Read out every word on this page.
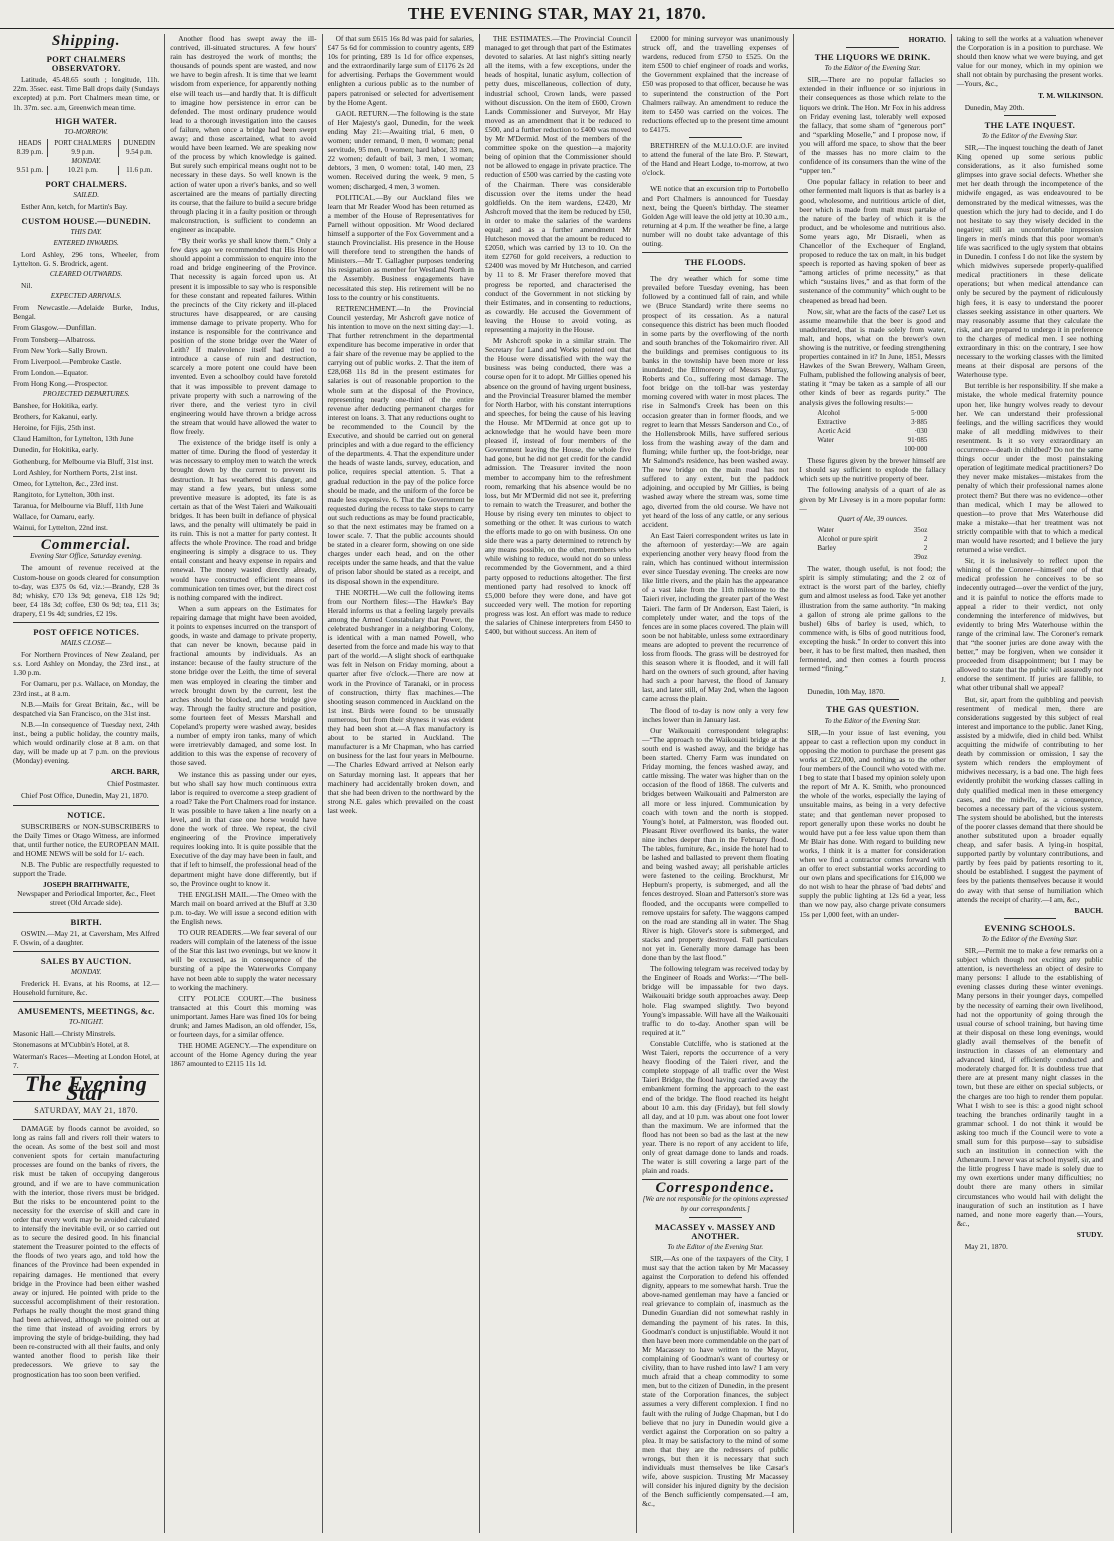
THE EVENING STAR, MAY 21, 1870.
Shipping.
PORT CHALMERS OBSERVATORY.

Latitude, 45.48.65 south ; longitude, 11h. 22m. 35sec. east. Time Ball drops daily (Sundays excepted) at p.m. Port Chalmers mean time, or 1h. 37m. sec. a.m, Greenwich mean time.

HIGH WATER.
TO-MORROW.
HEADS	PORT CHALMERS	DUNEDIN
8.39 p.m.	9.9 p.m.	9.54 p.m.
MONDAY.		
9.51 p.m.	10.21 p.m.	11.6 p.m.
PORT CHALMERS.
SAILED.

Esther Ann, ketch, for Martin's Bay.

CUSTOM HOUSE.—DUNEDIN.
THIS DAY.
ENTERED INWARDS.

Lord Ashley, 296 tons, Wheeler, from Lyttelton. G. S. Brodrick, agent.

CLEARED OUTWARDS.

Nil.

EXPECTED ARRIVALS.

From Newcastle.—Adelaide Burke, Indus, Bengal.

From Glasgow.—Dunfillan.

From Tonsberg—Albatross.

From New York—Sally Brown.

From Liverpool.—Pembroke Castle.

From London.—Equator.

From Hong Kong.—Prospector.

PROJECTED DEPARTURES.

Banshee, for Hokitika, early.

Brothers, for Kakanui, early.

Heroine, for Fijis, 25th inst.

Claud Hamilton, for Lyttelton, 13th June

Dunedin, for Hokitika, early.

Gothenburg, for Melbourne via Bluff, 31st inst.

Lord Ashley, for Northern Ports, 21st inst.

Omeo, for Lyttelton, &c., 23rd inst.

Rangitoto, for Lyttelton, 30th inst.

Taranua, for Melbourne via Bluff, 11th June

Wallace, for Oamaru, early.

Wainui, for Lyttelton, 22nd inst.

Commercial.
Evening Star Office, Saturday evening.

The amount of revenue received at the Custom-house on goods cleared for consumption to-day, was £375 0s 6d, viz.:—Brandy, £28 3s 8d; whisky, £70 13s 9d; geneva, £18 12s 9d; beer, £4 18s 3d; coffee, £30 0s 9d; tea, £11 3s; drapery, £1 9s 4d; sundries, £2 19s.

POST OFFICE NOTICES.
MAILS CLOSE—

For Northern Provinces of New Zealand, per s.s. Lord Ashley on Monday, the 23rd inst., at 1.30 p.m.

For Oamaru, per p.s. Wallace, on Monday, the 23rd inst., at 8 a.m.

N.B.—Mails for Great Britain, &c., will be despatched via San Francisco, on the 31st inst.

N.B.—In consequence of Tuesday next, 24th inst., being a public holiday, the country mails, which would ordinarily close at 8 a.m. on that day, will be made up at 7 p.m. on the previous (Monday) evening.

ARCH. BARR,
Chief Postmaster.

Chief Post Office, Dunedin, May 21, 1870.

NOTICE.

SUBSCRIBERS or NON-SUBSCRIBERS to the Daily Times or Otago Witness, are informed that, until further notice, the EUROPEAN MAIL and HOME NEWS will be sold for 1/- each.

N.B. The Public are respectfully requested to support the Trade.

JOSEPH BRAITHWAITE,
Newspaper and Periodical Importer, &c., Fleet street (Old Arcade side).
BIRTH.

OSWIN.—May 21, at Caversham, Mrs Alfred F. Oswin, of a daughter.

SALES BY AUCTION.
MONDAY.

Frederick H. Evans, at his Rooms, at 12.—Household furniture, &c.

AMUSEMENTS, MEETINGS, &c.
TO-NIGHT.

Masonic Hall.—Christy Minstrels.

Stonemasons at M'Cubbin's Hotel, at 8.

Waterman's Races—Meeting at London Hotel, at 7.

The Evening Star
SATURDAY, MAY 21, 1870.

DAMAGE by floods cannot be avoided, so long as rains fall and rivers roll their waters to the ocean. As some of the best soil and most convenient spots for certain manufacturing processes are found on the banks of rivers, the risk must be taken of occupying dangerous ground, and if we are to have communication with the interior, those rivers must be bridged. But the risks to be encountered point to the necessity for the exercise of skill and care in order that every work may be avoided calculated to intensify the inevitable evil, or so carried out as to secure the desired good. In his financial statement the Treasurer pointed to the effects of the floods of two years ago, and told how the finances of the Province had been expended in repairing damages. He mentioned that every bridge in the Province had been either washed away or injured. He pointed with pride to the successful accomplishment of their restoration. Perhaps he really thought the most grand thing had been achieved, although we pointed out at the time that instead of avoiding errors by improving the style of bridge-building, they had been re-constructed with all their faults, and only wanted another flood to perish like their predecessors. We grieve to say the prognostication has too soon been verified.

Another flood has swept away the ill-contrived, ill-situated structures. A few hours' rain has destroyed the work of months; the thousands of pounds spent are wasted, and now we have to begin afresh. It is time that we learnt wisdom from experience, for apparently nothing else will teach us—and hardly that. It is difficult to imagine how persistence in error can be defended. The most ordinary prudence would lead to a thorough investigation into the causes of failure, when once a bridge had been swept away; and those ascertained, what to avoid would have been learned. We are speaking now of the process by which knowledge is gained. But surely such empirical means ought not to be necessary in these days. So well known is the action of water upon a river's banks, and so well ascertained are the means of partially directing its course, that the failure to build a secure bridge through placing it in a faulty position or through malconstruction, is sufficient to condemn an engineer as incapable.

“By their works ye shall know them.” Only a few days ago we recommended that His Honor should appoint a commission to enquire into the road and bridge engineering of the Province. That necessity is again forced upon us. At present it is impossible to say who is responsible for these constant and repeated failures. Within the precincts of the City rickety and ill-placed structures have disappeared, or are causing immense damage to private property. Who for instance is responsible for the contrivance and position of the stone bridge over the Water of Leith? If malevolence itself had tried to introduce a cause of ruin and destruction, scarcely a more potent one could have been invented. Even a schoolboy could have foretold that it was impossible to prevent damage to private property with such a narrowing of the river there, and the veriest tyro in civil engineering would have thrown a bridge across the stream that would have allowed the water to flow freely.

The existence of the bridge itself is only a matter of time. During the flood of yesterday it was necessary to employ men to watch the wreck brought down by the current to prevent its destruction. It has weathered this danger, and may stand a few years, but unless some preventive measure is adopted, its fate is as certain as that of the West Taieri and Waikouaiti bridges. It has been built in defiance of physical laws, and the penalty will ultimately be paid in its ruin. This is not a matter for party contest. It affects the whole Province. The road and bridge engineering is simply a disgrace to us. They entail constant and heavy expense in repairs and renewal. The money wasted directly already, would have constructed efficient means of communication ten times over, but the direct cost is nothing compared with the indirect.

When a sum appears on the Estimates for repairing damage that might have been avoided, it points to expenses incurred on the transport of goods, in waste and damage to private property, that can never be known, because paid in fractional amounts by individuals. As an instance: because of the faulty structure of the stone bridge over the Leith, the time of several men was employed in clearing the timber and wreck brought down by the current, lest the arches should be blocked, and the bridge give way. Through the faulty structure and position, some fourteen feet of Messrs Marshall and Copeland's property were washed away, besides a number of empty iron tanks, many of which were irretrievably damaged, and some lost. In addition to this was the expense of recovery of those saved.

We instance this as passing under our eyes, but who shall say how much continuous extra labor is required to overcome a steep gradient of a road? Take the Port Chalmers road for instance. It was possible to have taken a line nearly on a level, and in that case one horse would have done the work of three. We repeat, the civil engineering of the Province imperatively requires looking into. It is quite possible that the Executive of the day may have been in fault, and that if left to himself, the professional head of the department might have done differently, but if so, the Province ought to know it.

THE ENGLISH MAIL.—The Omeo with the March mail on board arrived at the Bluff at 3.30 p.m. to-day. We will issue a second edition with the English news.

TO OUR READERS.—We fear several of our readers will complain of the lateness of the issue of the Star this last two evenings, but we know it will be excused, as in consequence of the bursting of a pipe the Waterworks Company have not been able to supply the water necessary to working the machinery.

CITY POLICE COURT.—The business transacted at this Court this morning was unimportant. James Hare was fined 10s for being drunk; and James Madison, an old offender, 15s, or fourteen days, for a similar offence.

THE HOME AGENCY.—The expenditure on account of the Home Agency during the year 1867 amounted to £2115 11s 1d.

Of that sum £615 16s 8d was paid for salaries, £47 5s 6d for commission to country agents, £89 10s for printing, £89 1s 1d for office expenses, and the extraordinarily large sum of £1176 2s 2d for advertising. Perhaps the Government would enlighten a curious public as to the number of papers patronised or selected for advertisement by the Home Agent.

GAOL RETURN.—The following is the state of Her Majesty's gaol, Dunedin, for the week ending May 21:—Awaiting trial, 6 men, 0 women; under remand, 0 men, 0 woman; penal servitude, 95 men, 0 women; hard labor, 33 men, 22 women; default of bail, 3 men, 1 woman; debtors, 3 men, 0 women: total, 140 men, 23 women. Received during the week, 9 men, 5 women; discharged, 4 men, 3 women.

POLITICAL.—By our Auckland files we learn that Mr Reader Wood has been returned as a member of the House of Representatives for Parnell without opposition. Mr Wood declared himself a supporter of the Fox Government and a staunch Provincialist. His presence in the House will therefore tend to strengthen the hands of Ministers.—Mr T. Gallagher purposes tendering his resignation as member for Westland North in the Assembly. Business engagements have necessitated this step. His retirement will be no loss to the country or his constituents.

RETRENCHMENT.—In the Provincial Council yesterday, Mr Ashcroft gave notice of his intention to move on the next sitting day:—1. That further retrenchment in the departmental expenditure has become imperative in order that a fair share of the revenue may be applied to the carrying out of public works. 2. That the item of £28,068 11s 8d in the present estimates for salaries is out of reasonable proportion to the whole sum at the disposal of the Province, representing nearly one-third of the entire revenue after deducting permanent charges for interest on loans. 3. That any reductions ought to be recommended to the Council by the Executive, and should be carried out on general principles and with a due regard to the efficiency of the departments. 4. That the expenditure under the heads of waste lands, survey, education, and police, requires special attention. 5. That a gradual reduction in the pay of the police force should be made, and the uniform of the force be made less expensive. 6. That the Government be requested during the recess to take steps to carry out such reductions as may be found practicable, so that the next estimates may be framed on a lower scale. 7. That the public accounts should be stated in a clearer form, showing on one side charges under each head, and on the other receipts under the same heads, and that the value of prison labor should be stated as a receipt, and its disposal shown in the expenditure.

THE NORTH.—We cull the following items from our Northern files:—The Hawke's Bay Herald informs us that a feeling largely prevails among the Armed Constabulary that Power, the celebrated bushranger in a neighboring Colony, is identical with a man named Powell, who deserted from the force and made his way to that part of the world.—A slight shock of earthquake was felt in Nelson on Friday morning, about a quarter after five o'clock.—There are now at work in the Province of Taranaki, or in process of construction, thirty flax machines.—The shooting season commenced in Auckland on the 1st inst. Birds were found to be unusually numerous, but from their shyness it was evident they had been shot at.—A flax manufactory is about to be started in Auckland. The manufacturer is a Mr Chapman, who has carried on business for the last four years in Melbourne.—The Charles Edward arrived at Nelson early on Saturday morning last. It appears that her machinery had accidentally broken down, and that she had been driven to the northward by the strong N.E. gales which prevailed on the coast last week.

THE ESTIMATES.—The Provincial Council managed to get through that part of the Estimates devoted to salaries. At last night's sitting nearly all the items, with a few exceptions, under the heads of hospital, lunatic asylum, collection of petty dues, miscellaneous, collection of duty, industrial school, Crown lands, were passed without discussion. On the item of £600, Crown Lands Commissioner and Surveyor, Mr Hay moved as an amendment that it be reduced to £500, and a further reduction to £400 was moved by Mr M'Dermid. Most of the members of the committee spoke on the question—a majority being of opinion that the Commissioner should not be allowed to engage in private practice. The reduction of £500 was carried by the casting vote of the Chairman. There was considerable discussion over the items under the head goldfields. On the item wardens, £2420, Mr Ashcroft moved that the item be reduced by £50, in order to make the salaries of the wardens equal; and as a further amendment Mr Hutcheson moved that the amount be reduced to £2050, which was carried by 13 to 10. On the item £2760 for gold receivers, a reduction to £2400 was moved by Mr Hutcheson, and carried by 11 to 8. Mr Fraser therefore moved that progress be reported, and characterised the conduct of the Government in not sticking by their Estimates, and in consenting to reductions, as cowardly. He accused the Government of leaving the House to avoid voting, as representing a majority in the House.

Mr Ashcroft spoke in a similar strain. The Secretary for Land and Works pointed out that the House were dissatisfied with the way the business was being conducted, there was a course open for it to adopt. Mr Gillies opened his absence on the ground of having urgent business, and the Provincial Treasurer blamed the member for North Harbor, with his constant interruptions and speeches, for being the cause of his leaving the House. Mr M'Dermid at once got up to acknowledge that he would have been more pleased if, instead of four members of the Government leaving the House, the whole five had gone, but he did not get credit for the candid admission. The Treasurer invited the noon member to accompany him to the refreshment room, remarking that his absence would be no loss, but Mr M'Dermid did not see it, preferring to remain to watch the Treasurer, and bother the House by rising every ten minutes to object to something or the other. It was curious to watch the efforts made to go on with business. On one side there was a party determined to retrench by any means possible, on the other, members who while wishing to reduce, would not do so unless recommended by the Government, and a third party opposed to reductions altogether. The first mentioned party had resolved to knock off £5,000 before they were done, and have got succeeded very well. The motion for reporting progress was lost. An effort was made to reduce the salaries of Chinese interpreters from £450 to £400, but without success. An item of

£2000 for mining surveyor was unanimously struck off, and the travelling expenses of wardens, reduced from £750 to £525. On the item £500 to chief engineer of roads and works, the Government explained that the increase of £50 was proposed to that officer, because he was to superintend the construction of the Port Chalmers railway. An amendment to reduce the item to £450 was carried on the voices. The reductions effected up to the present time amount to £4175.

BRETHREN of the M.U.I.O.O.F. are invited to attend the funeral of the late Bro. P. Stewart, of the Hand and Heart Lodge, to-morrow, at two o'clock.

WE notice that an excursion trip to Portobello and Port Chalmers is announced for Tuesday next, being the Queen's birthday. The steamer Golden Age will leave the old jetty at 10.30 a.m., returning at 4 p.m. If the weather be fine, a large number will no doubt take advantage of this outing.

THE FLOODS.

The dry weather which for some time prevailed before Tuesday evening, has been followed by a continued fall of rain, and while we (Bruce Standard) write there seems no prospect of its cessation. As a natural consequence this district has been much flooded in some parts by the overflowing of the north and south branches of the Tokomairiro river. All the buildings and premises contiguous to its banks in the township have been more or less inundated; the Ellmoreory of Messrs Murray, Roberts and Co., suffering most damage. The foot bridge on the toll-bar was yesterday morning covered with water in most places. The rise in Salmond's Creek has been on this occasion greater than in former floods, and we regret to learn that Messrs Sanderson and Co., of the Hollensbrook Mills, have suffered serious loss from the washing away of the dam and fluming; while further up, the foot-bridge, near Mr Salmond's residence, has been washed away. The new bridge on the main road has not suffered to any extent, but the paddock adjoining, and occupied by Mr Gillies, is being washed away where the stream was, some time ago, diverted from the old course. We have not yet heard of the loss of any cattle, or any serious accident.

An East Taieri correspondent writes us late in the afternoon of yesterday:—We are again experiencing another very heavy flood from the rain, which has continued without intermission ever since Tuesday evening. The creeks are now like little rivers, and the plain has the appearance of a vast lake from the 11th milestone to the Taieri river, including the greater part of the West Taieri. The farm of Dr Anderson, East Taieri, is completely under water, and the tops of the fences are in some places covered. The plain will soon be not habitable, unless some extraordinary means are adopted to prevent the recurrence of loss from floods. The grass will be destroyed for this season where it is flooded, and it will fall hard on the owners of such ground, after having had such a poor harvest, the flood of January last, and later still, of May 2nd, when the lagoon came across the plain.

The flood of to-day is now only a very few inches lower than in January last.

Our Waikouaiti correspondent telegraphs:—“The approach to the Waikouaiti bridge at the south end is washed away, and the bridge has been started. Cherry Farm was inundated on Friday morning, the fences washed away, and cattle missing. The water was higher than on the occasion of the flood of 1868. The culverts and bridges between Waikouaiti and Palmerston are all more or less injured. Communication by coach with town and the north is stopped. Young's hotel, at Palmerston, was flooded out. Pleasant River overflowed its banks, the water nine inches deeper than in the February flood. The tables, furniture, &c., inside the hotel had to be lashed and ballasted to prevent them floating and being washed away; all perishable articles were fastened to the ceiling. Brockhurst, Mr Hepburn's property, is submerged, and all the fences destroyed. Sloan and Patterson's store was flooded, and the occupants were compelled to remove upstairs for safety. The waggons camped on the road are standing all in water. The Shag River is high. Glover's store is submerged, and stacks and property destroyed. Fall particulars not yet in. Generally more damage has been done than by the last flood.”

The following telegram was received today by the Engineer of Roads and Works:—“The bell-bridge will be impassable for two days. Waikouaiti bridge south approaches away. Deep hole. Flag swamped slightly. Two beyond Young's impassable. Will have all the Waikouaiti traffic to do to-day. Another span will be required at it.”

Constable Cutcliffe, who is stationed at the West Taieri, reports the occurrence of a very heavy flooding of the Taieri river, and the complete stoppage of all traffic over the West Taieri Bridge, the flood having carried away the embankment forming the approach to the east end of the bridge. The flood reached its height about 10 a.m. this day (Friday), but fell slowly all day, and at 10 p.m. was about one foot lower than the maximum. We are informed that the flood has not been so bad as the last at the new year. There is no report of any accident to life, only of great damage done to lands and roads. The water is still covering a large part of the plain and roads.

Correspondence.
[We are not responsible for the opinions expressed by our correspondents.]
MACASSEY v. MASSEY AND ANOTHER.
To the Editor of the Evening Star.

SIR,—As one of the taxpayers of the City, I must say that the action taken by Mr Macassey against the Corporation to defend his offended dignity, appears to me somewhat harsh. True the above-named gentleman may have a fancied or real grievance to complain of, inasmuch as the Dunedin Guardian did not somewhat rashly in demanding the payment of his rates. In this, Goodman's conduct is unjustifiable. Would it not then have been more commendable on the part of Mr Macassey to have written to the Mayor, complaining of Goodman's want of courtesy or civility, than to have rushed into law? I am very much afraid that a cheap commodity to some men, but to the citizen of Dunedin, in the present state of the Corporation finances, the subject assumes a very different complexion. I find no fault with the ruling of Judge Chapman, but I do believe that no jury in Dunedin would give a verdict against the Corporation on so paltry a plea. It may be satisfactory to the mind of some men that they are the redressers of public wrongs, but then it is necessary that such individuals must themselves be like Cæsar's wife, above suspicion. Trusting Mr Macassey will consider his injured dignity by the decision of the Bench sufficiently compensated.—I am, &c.,

HORATIO.
THE LIQUORS WE DRINK.
To the Editor of the Evening Star.

SIR,—There are no popular fallacies so extended in their influence or so injurious in their consequences as those which relate to the liquors we drink. The Hon. Mr Fox in his address on Friday evening last, tolerably well exposed the fallacy, that some sham of “generous port” and “sparkling Moselle,” and I propose now, if you will afford me space, to show that the beer of the masses has no more claim to the confidence of its consumers than the wine of the “upper ten.”

One popular fallacy in relation to beer and other fermented malt liquors is that as barley is a good, wholesome, and nutritious article of diet, beer which is made from malt must partake of the nature of the barley of which it is the product, and be wholesome and nutritious also. Some years ago, Mr Disraeli, when as Chancellor of the Exchequer of England, proposed to reduce the tax on malt, in his budget speech is reported as having spoken of beer as “among articles of prime necessity,” as that which “sustains lives,” and as that form of the sustenance of the community” which ought to be cheapened as bread had been.

Now, sir, what are the facts of the case? Let us assume meanwhile that the beer is good and unadulterated, that is made solely from water, malt, and hops, what on the brewer's own showing is the nutritive, or feeding strengthening properties contained in it? In June, 1851, Messrs Hawkes of the Swan Brewery, Walham Green, Fulham, published the following analysis of beer, stating it “may be taken as a sample of all our other kinds of beer as regards purity.” The analysis gives the following results:—

Alcohol	5·000
Extractive	3·885
Acetic Acid	·030
Water	91·085
100·000

These figures given by the brewer himself are I should say sufficient to explode the fallacy which sets up the nutritive property of beer.

The following analysis of a quart of ale as given by Mr Livesey is in a more popular form:—

Quart of Ale, 39 ounces.
Water	35oz
Alcohol or pure spirit	2
Barley	2
39oz

The water, though useful, is not food; the spirit is simply stimulating; and the 2 oz of extract is the worst part of the barley, chiefly gum and almost useless as food. Take yet another illustration from the same authority. “In making a gallon of strong ale prime gallons to the bushel) 6lbs of barley is used, which, to commence with, is 6lbs of good nutritious food, excepting the husk.” In order to convert this into beer, it has to be first malted, then mashed, then fermented, and then comes a fourth process termed “fining.”

J.

Dunedin, 10th May, 1870.

THE GAS QUESTION.
To the Editor of the Evening Star.

SIR,—In your issue of last evening, you appear to cast a reflection upon my conduct in opposing the motion to purchase the present gas works at £22,000, and nothing as to the other four members of the Council who voted with me. I beg to state that I based my opinion solely upon the report of Mr A. K. Smith, who pronounced the whole of the works, especially the laying of unsuitable mains, as being in a very defective state; and that gentleman never proposed to report generally upon these works no doubt he would have put a fee less value upon them than Mr Blair has done. With regard to building new works, I think it is a matter for consideration when we find a contractor comes forward with an offer to erect substantial works according to our own plans and specifications for £16,000 we do not wish to hear the phrase of 'bad debts' and supply the public lighting at 12s 6d a year, less than we now pay, also charge private consumers 15s per 1,000 feet, with an under-

taking to sell the works at a valuation whenever the Corporation is in a position to purchase. We should then know what we were buying, and get value for our money, which in my opinion we shall not obtain by purchasing the present works.—Yours, &c.,

T. M. WILKINSON.

Dunedin, May 20th.

THE LATE INQUEST.
To the Editor of the Evening Star.

SIR,—The inquest touching the death of Janet King opened up some serious public considerations, as it also furnished some glimpses into grave social defects. Whether she met her death through the incompetence of the midwife engaged, as was endeavoured to be demonstrated by the medical witnesses, was the question which the jury had to decide, and I do not hesitate to say they wisely decided in the negative; still an uncomfortable impression lingers in men's minds that this poor woman's life was sacrificed to the ugly system that obtains in Dunedin. I confess I do not like the system by which midwives supersede properly-qualified medical practitioners in these delicate operations; but when medical attendance can only be secured by the payment of ridiculously high fees, it is easy to understand the poorer classes seeking assistance in other quarters. We may reasonably assume that they calculate the risk, and are prepared to undergo it in preference to the charges of medical men. I see nothing extraordinary in this: on the contrary, I see how necessary to the working classes with the limited means at their disposal are persons of the Waterhouse type.

But terrible is her responsibility. If she make a mistake, the whole medical fraternity pounce upon her, like hungry wolves ready to devour her. We can understand their professional feelings, and the willing sacrifices they would make of all meddling midwives to their resentment. Is it so very extraordinary an occurrence—death in childbed? Do not the same things occur under the most painstaking operation of legitimate medical practitioners? Do they never make mistakes—mistakes from the penalty of which their professional names alone protect them? But there was no evidence—other than medical, which I may be allowed to question—to prove that Mrs Waterhouse did make a mistake—that her treatment was not strictly compatible with that to which a medical man would have resorted; and I believe the jury returned a wise verdict.

Sir, it is inelusively to reflect upon the whining of the Coroner—himself one of that medical profession he conceives to be so indecently outraged—over the verdict of the jury, and it is painful to notice the efforts made to appeal a rider to their verdict, not only condemning the interference of midwives, but evidently to bring Mrs Waterhouse within the range of the criminal law. The Coroner's remark that “the sooner juries are done away with the better,” may be forgiven, when we consider it proceeded from disappointment; but I may be allowed to state that the public will assuredly not endorse the sentiment. If juries are fallible, to what other tribunal shall we appeal?

But, sir, apart from the quibbling and peevish resentment of medical men, there are considerations suggested by this subject of real interest and importance to the public. Janet King, assisted by a midwife, died in child bed. Whilst acquitting the midwife of contributing to her death by commission or omission, I say the system which renders the employment of midwives necessary, is a bad one. The high fees evidently prohibit the working classes calling in duly qualified medical men in these emergency cases, and the midwife, as a consequence, becomes a necessary part of the vicious system. The system should be abolished, but the interests of the poorer classes demand that there should be another substituted upon a broader equally cheap, and safer basis. A lying-in hospital, supported partly by voluntary contributions, and partly by fees paid by patients resorting to it, should be established. I suggest the payment of fees by the patients themselves because it would do away with that sense of humiliation which attends the receipt of charity.—I am, &c.,

BAUCH.
EVENING SCHOOLS.
To the Editor of the Evening Star.

SIR,—Permit me to make a few remarks on a subject which though not exciting any public attention, is nevertheless an object of desire to many persons: I allude to the establishing of evening classes during these winter evenings. Many persons in their younger days, compelled by the necessity of earning their own livelihood, had not the opportunity of going through the usual course of school training, but having time at their disposal on these long evenings, would gladly avail themselves of the benefit of instruction in classes of an elementary and advanced kind, if efficiently conducted and moderately charged for. It is doubtless true that there are at present many night classes in the town, but these are either on special subjects, or the charges are too high to render them popular. What I wish to see is this: a good night school teaching the branches ordinarily taught in a grammar school. I do not think it would be asking too much if the Council were to vote a small sum for this purpose—say to subsidise such an institution in connection with the Athenæum. I never was at school myself, sir, and the little progress I have made is solely due to my own exertions under many difficulties; no doubt there are many others in similar circumstances who would hail with delight the inauguration of such an institution as I have named, and none more eagerly than.—Yours, &c.,

STUDY.

May 21, 1870.
